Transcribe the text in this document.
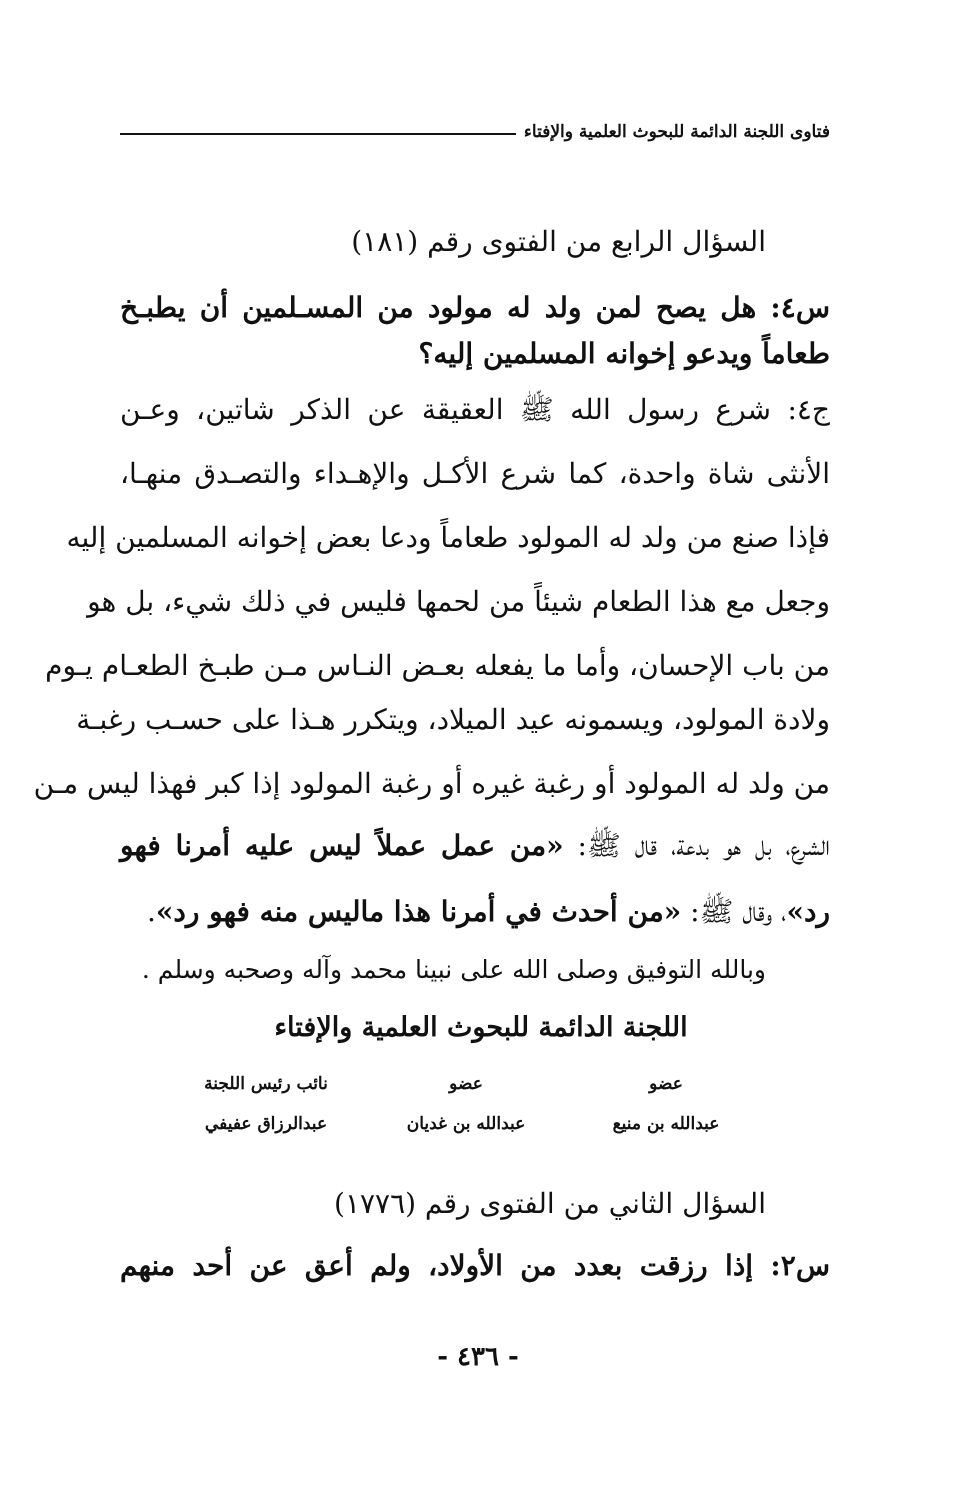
فتاوى اللجنة الدائمة للبحوث العلمية والإفتاء
السؤال الرابع من الفتوى رقم (١٨١)
س٤: هل يصح لمن ولد له مولود من المسـلمين أن يطبـخ
طعاماً ويدعو إخوانه المسلمين إليه؟
ج٤: شرع رسول الله ﷺ العقيقة عن الذكر شاتين، وعـن
الأنثى شاة واحدة، كما شرع الأكـل والإهـداء والتصـدق منهـا،
فإذا صنع من ولد له المولود طعاماً ودعا بعض إخوانه المسلمين إليه
وجعل مع هذا الطعام شيئاً من لحمها فليس في ذلك شيء، بل هو
من باب الإحسان، وأما ما يفعله بعـض النـاس مـن طبـخ الطعـام يـوم
ولادة المولود، ويسمونه عيد الميلاد، ويتكرر هـذا على حسـب رغبـة
من ولد له المولود أو رغبة غيره أو رغبة المولود إذا كبر فهذا ليس مـن
الشرع، بل هو بدعة، قال ﷺ: «من عمل عملاً ليس عليه أمرنا فهو
رد»، وقال ﷺ: «من أحدث في أمرنا هذا ماليس منه فهو رد».
وبالله التوفيق وصلى الله على نبينا محمد وآله وصحبه وسلم .
اللجنة الدائمة للبحوث العلمية والإفتاء
عضو
عبدالله بن منيع
عضو
عبدالله بن غديان
نائب رئيس اللجنة
عبدالرزاق عفيفي
السؤال الثاني من الفتوى رقم (١٧٧٦)
س٢: إذا رزقت بعدد من الأولاد، ولم أعق عن أحد منهم
- ٤٣٦ -
